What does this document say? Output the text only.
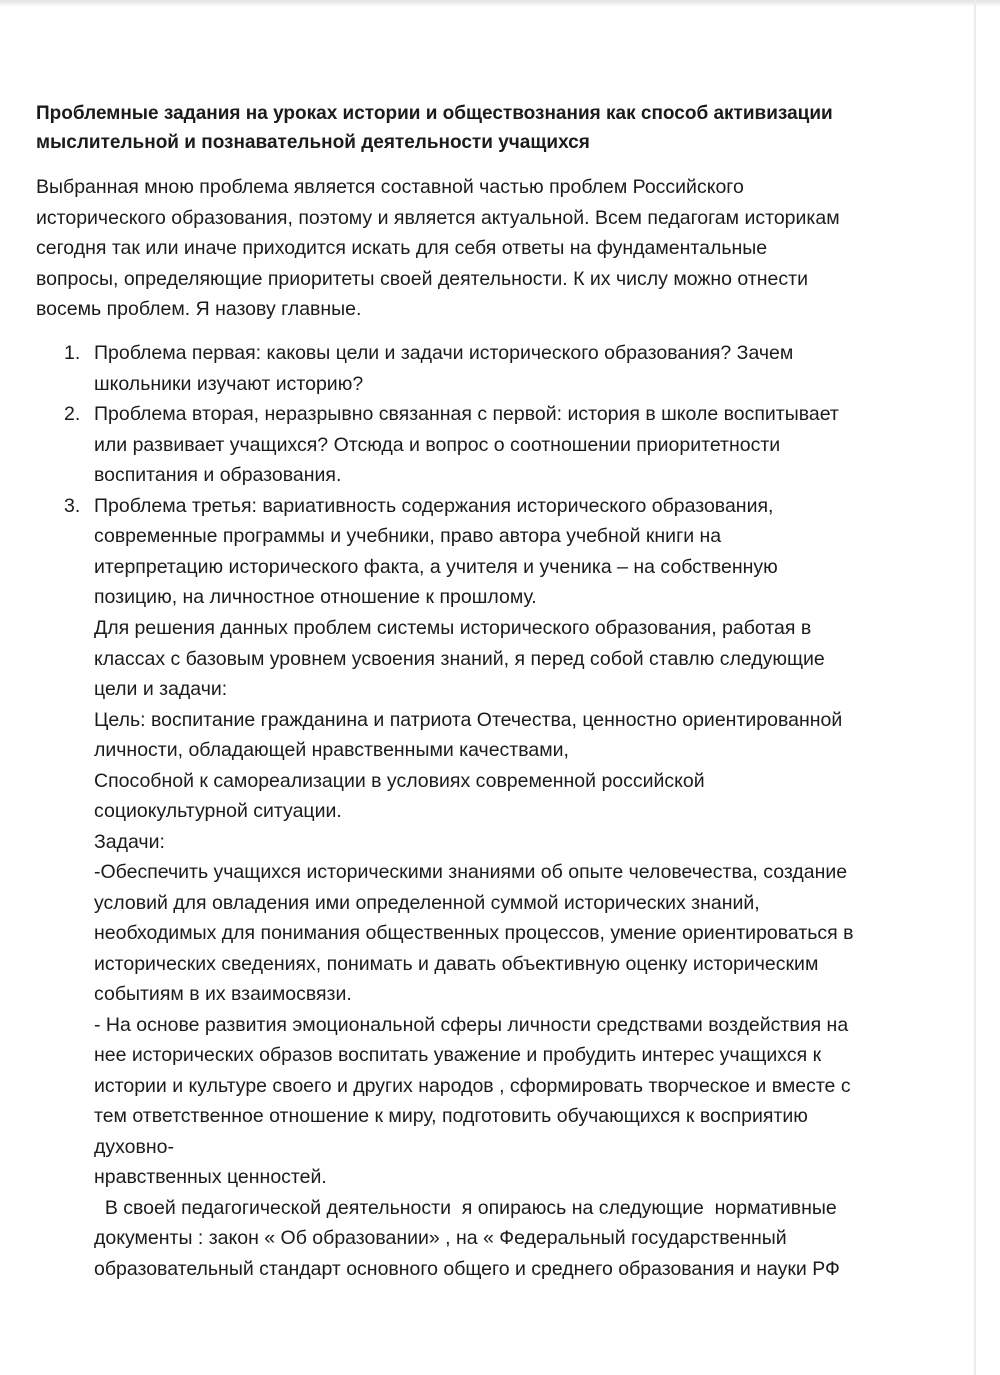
Проблемные задания на уроках истории и обществознания как способ активизации
мыслительной и познавательной деятельности учащихся
Выбранная мною проблема является составной частью проблем Российского
исторического образования, поэтому и является актуальной. Всем педагогам историкам
сегодня так или иначе приходится искать для себя ответы на фундаментальные
вопросы, определяющие приоритеты своей деятельности. К их числу можно отнести
восемь проблем. Я назову главные.
1. Проблема первая: каковы цели и задачи исторического образования? Зачем
школьники изучают историю?
2. Проблема вторая, неразрывно связанная с первой: история в школе воспитывает
или развивает учащихся? Отсюда и вопрос о соотношении приоритетности
воспитания и образования.
3. Проблема третья: вариативность содержания исторического образования,
современные программы и учебники, право автора учебной книги на
итерпретацию исторического факта, а учителя и ученика – на собственную
позицию, на личностное отношение к прошлому.
Для решения данных проблем системы исторического образования, работая в
классах с базовым уровнем усвоения знаний, я перед собой ставлю следующие
цели и задачи:
Цель: воспитание гражданина и патриота Отечества, ценностно ориентированной
личности, обладающей нравственными качествами,
Способной к самореализации в условиях современной российской
социокультурной ситуации.
Задачи:
-Обеспечить учащихся историческими знаниями об опыте человечества, создание
условий для овладения ими определенной суммой исторических знаний,
необходимых для понимания общественных процессов, умение ориентироваться в
исторических сведениях, понимать и давать объективную оценку историческим
событиям в их взаимосвязи.
- На основе развития эмоциональной сферы личности средствами воздействия на
нее исторических образов воспитать уважение и пробудить интерес учащихся к
истории и культуре своего и других народов , сформировать творческое и вместе с
тем ответственное отношение к миру, подготовить обучающихся к восприятию
духовно-
нравственных ценностей.
В своей педагогической деятельности  я опираюсь на следующие  нормативные
документы : закон « Об образовании» , на « Федеральный государственный
образовательный стандарт основного общего и среднего образования и науки РФ
